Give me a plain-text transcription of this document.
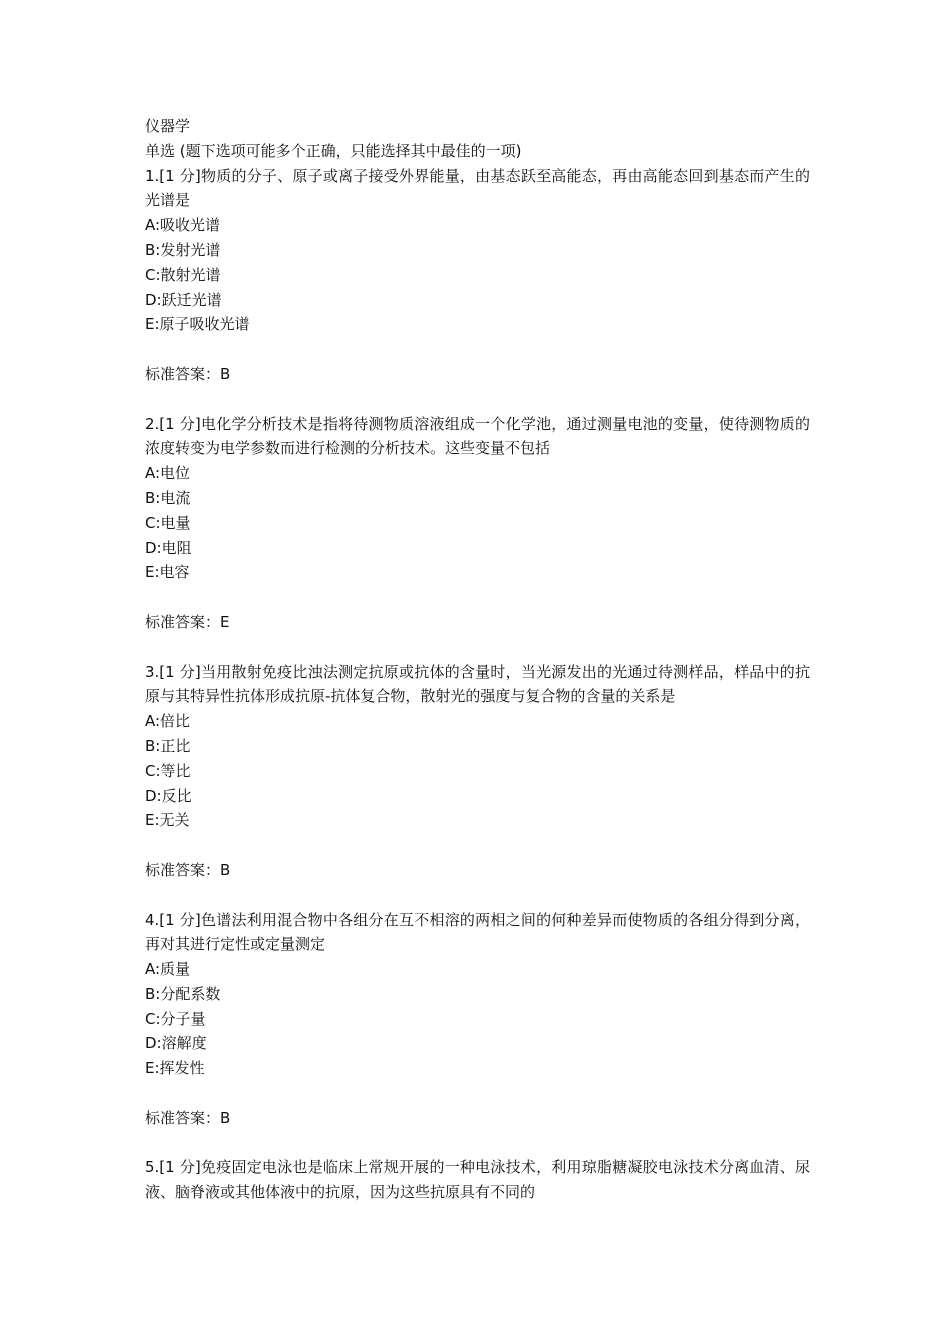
仪器学
单选 (题下选项可能多个正确，只能选择其中最佳的一项)
1.[1 分]物质的分子、原子或离子接受外界能量，由基态跃至高能态，再由高能态回到基态而产生的光谱是
A:吸收光谱
B:发射光谱
C:散射光谱
D:跃迁光谱
E:原子吸收光谱
标准答案：B
2.[1 分]电化学分析技术是指将待测物质溶液组成一个化学池，通过测量电池的变量，使待测物质的浓度转变为电学参数而进行检测的分析技术。这些变量不包括
A:电位
B:电流
C:电量
D:电阻
E:电容
标准答案：E
3.[1 分]当用散射免疫比浊法测定抗原或抗体的含量时，当光源发出的光通过待测样品，样品中的抗原与其特异性抗体形成抗原-抗体复合物，散射光的强度与复合物的含量的关系是
A:倍比
B:正比
C:等比
D:反比
E:无关
标准答案：B
4.[1 分]色谱法利用混合物中各组分在互不相溶的两相之间的何种差异而使物质的各组分得到分离，再对其进行定性或定量测定
A:质量
B:分配系数
C:分子量
D:溶解度
E:挥发性
标准答案：B
5.[1 分]免疫固定电泳也是临床上常规开展的一种电泳技术，利用琼脂糖凝胶电泳技术分离血清、尿液、脑脊液或其他体液中的抗原，因为这些抗原具有不同的
